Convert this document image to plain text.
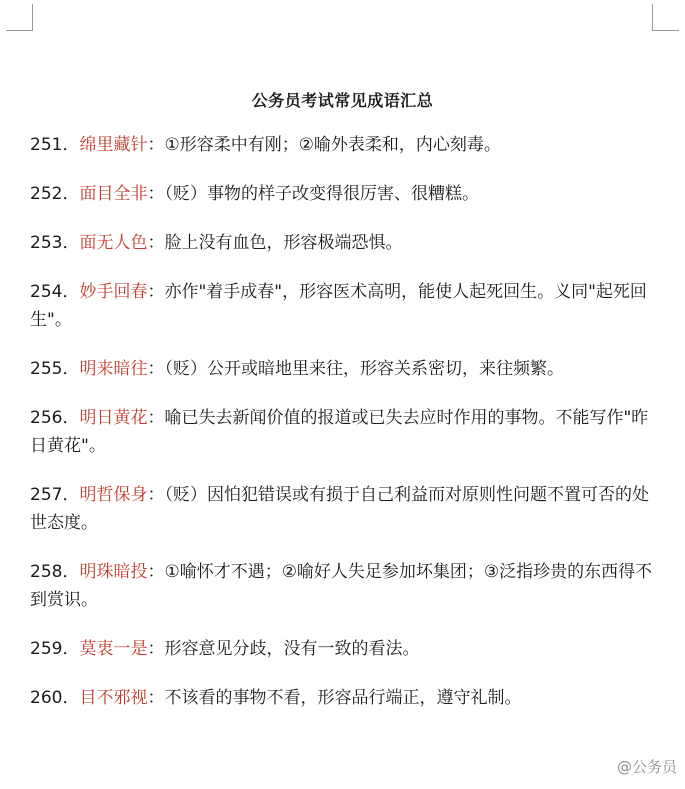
公务员考试常见成语汇总
251．绵里藏针：①形容柔中有刚；②喻外表柔和，内心刻毒。
252．面目全非：（贬）事物的样子改变得很厉害、很糟糕。
253．面无人色：脸上没有血色，形容极端恐惧。
254．妙手回春：亦作"着手成春"，形容医术高明，能使人起死回生。义同"起死回生"。
255．明来暗往：（贬）公开或暗地里来往，形容关系密切，来往频繁。
256．明日黄花：喻已失去新闻价值的报道或已失去应时作用的事物。不能写作"昨日黄花"。
257．明哲保身：（贬）因怕犯错误或有损于自己利益而对原则性问题不置可否的处世态度。
258．明珠暗投：①喻怀才不遇；②喻好人失足参加坏集团；③泛指珍贵的东西得不到赏识。
259．莫衷一是：形容意见分歧，没有一致的看法。
260．目不邪视：不该看的事物不看，形容品行端正，遵守礼制。
@公务员
